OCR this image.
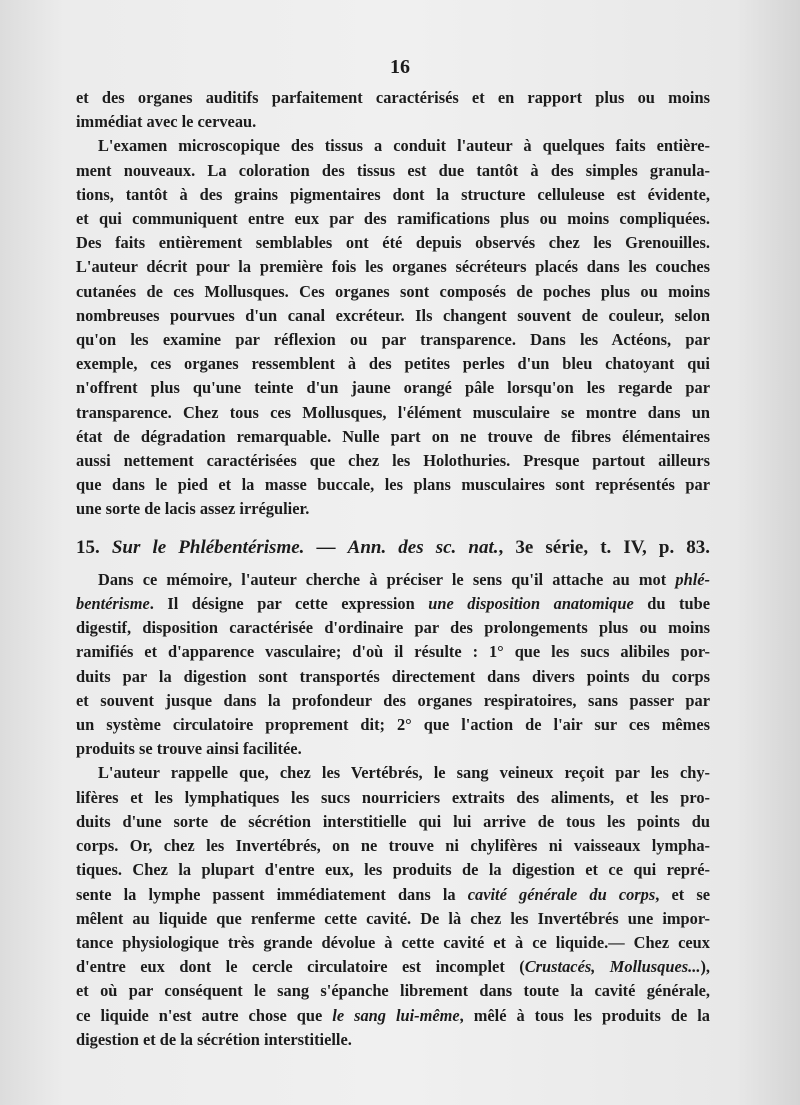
16

et des organes auditifs parfaitement caractérisés et en rapport plus ou moins
immédiat avec le cerveau.

L'examen microscopique des tissus a conduit l'auteur à quelques faits entière-
ment nouveaux. La coloration des tissus est due tantôt à des simples granula-
tions, tantôt à des grains pigmentaires dont la structure celluleuse est évidente,
et qui communiquent entre eux par des ramifications plus ou moins compliquées.
Des faits entièrement semblables ont été depuis observés chez les Grenouilles.
L'auteur décrit pour la première fois les organes sécréteurs placés dans les couches
cutanées de ces Mollusques. Ces organes sont composés de poches plus ou moins
nombreuses pourvues d'un canal excréteur. Ils changent souvent de couleur, selon
qu'on les examine par réflexion ou par transparence. Dans les Actéons, par
exemple, ces organes ressemblent à des petites perles d'un bleu chatoyant qui
n'offrent plus qu'une teinte d'un jaune orangé pâle lorsqu'on les regarde par
transparence. Chez tous ces Mollusques, l'élément musculaire se montre dans un
état de dégradation remarquable. Nulle part on ne trouve de fibres élémentaires
aussi nettement caractérisées que chez les Holothuries. Presque partout ailleurs
que dans le pied et la masse buccale, les plans musculaires sont représentés par
une sorte de lacis assez irrégulier.

15. Sur le Phlébentérisme. — Ann. des sc. nat., 3e série, t. IV, p. 83.

Dans ce mémoire, l'auteur cherche à préciser le sens qu'il attache au mot phlé-
bentérisme. Il désigne par cette expression une disposition anatomique du tube
digestif, disposition caractérisée d'ordinaire par des prolongements plus ou moins
ramifiés et d'apparence vasculaire; d'où il résulte : 1° que les sucs alibiles por-
duits par la digestion sont transportés directement dans divers points du corps
et souvent jusque dans la profondeur des organes respiratoires, sans passer par
un système circulatoire proprement dit; 2° que l'action de l'air sur ces mêmes
produits se trouve ainsi facilitée.

L'auteur rappelle que, chez les Vertébrés, le sang veineux reçoit par les chy-
lifères et les lymphatiques les sucs nourriciers extraits des aliments, et les pro-
duits d'une sorte de sécrétion interstitielle qui lui arrive de tous les points du
corps. Or, chez les Invertébrés, on ne trouve ni chylifères ni vaisseaux lympha-
tiques. Chez la plupart d'entre eux, les produits de la digestion et ce qui repré-
sente la lymphe passent immédiatement dans la cavité générale du corps, et se
mêlent au liquide que renferme cette cavité. De là chez les Invertébrés une impor-
tance physiologique très grande dévolue à cette cavité et à ce liquide.— Chez ceux
d'entre eux dont le cercle circulatoire est incomplet (Crustacés, Mollusques...),
et où par conséquent le sang s'épanche librement dans toute la cavité générale,
ce liquide n'est autre chose que le sang lui-même, mêlé à tous les produits de la
digestion et de la sécrétion interstitielle.
